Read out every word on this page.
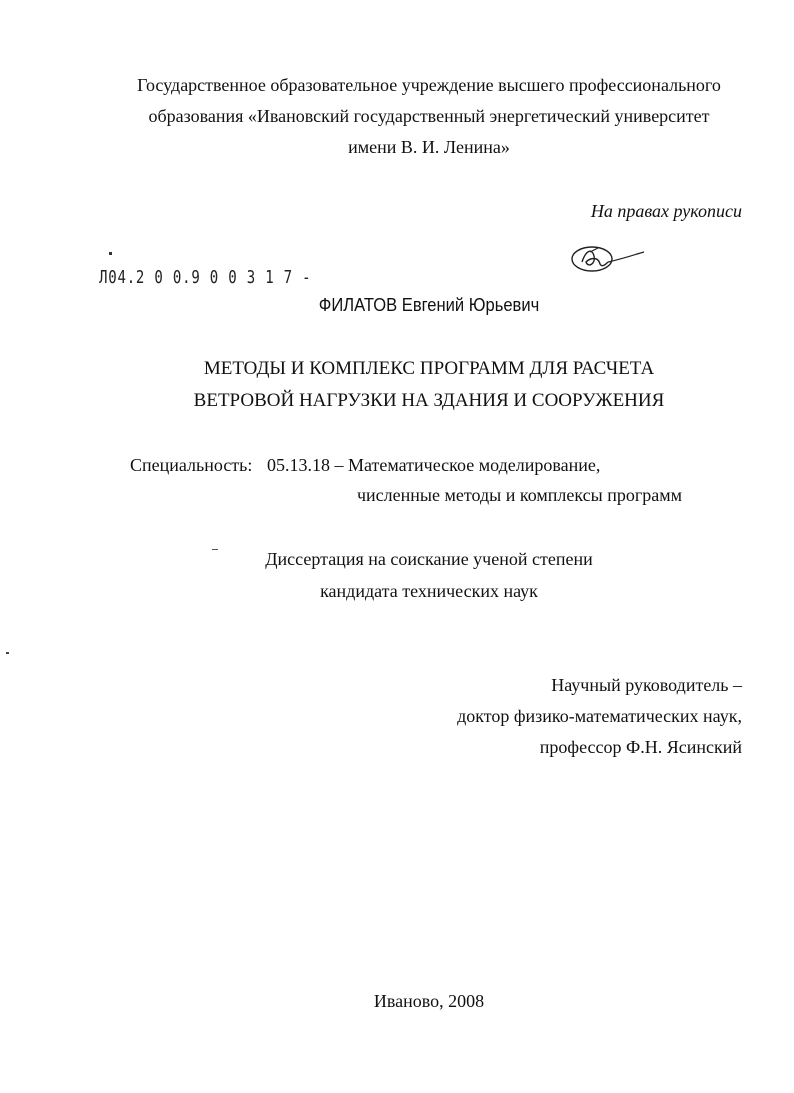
Государственное образовательное учреждение высшего профессионального
образования «Ивановский государственный энергетический университет
имени В. И. Ленина»
На правах рукописи
Л04.2 0 0.9 0 0 3 1 7 -
ФИЛАТОВ Евгений Юрьевич
МЕТОДЫ И КОМПЛЕКС ПРОГРАММ ДЛЯ РАСЧЕТА
ВЕТРОВОЙ НАГРУЗКИ НА ЗДАНИЯ И СООРУЖЕНИЯ
Специальность: 05.13.18 – Математическое моделирование,
численные методы и комплексы программ
Диссертация на соискание ученой степени
кандидата технических наук
Научный руководитель –
доктор физико-математических наук,
профессор Ф.Н. Ясинский
Иваново, 2008
